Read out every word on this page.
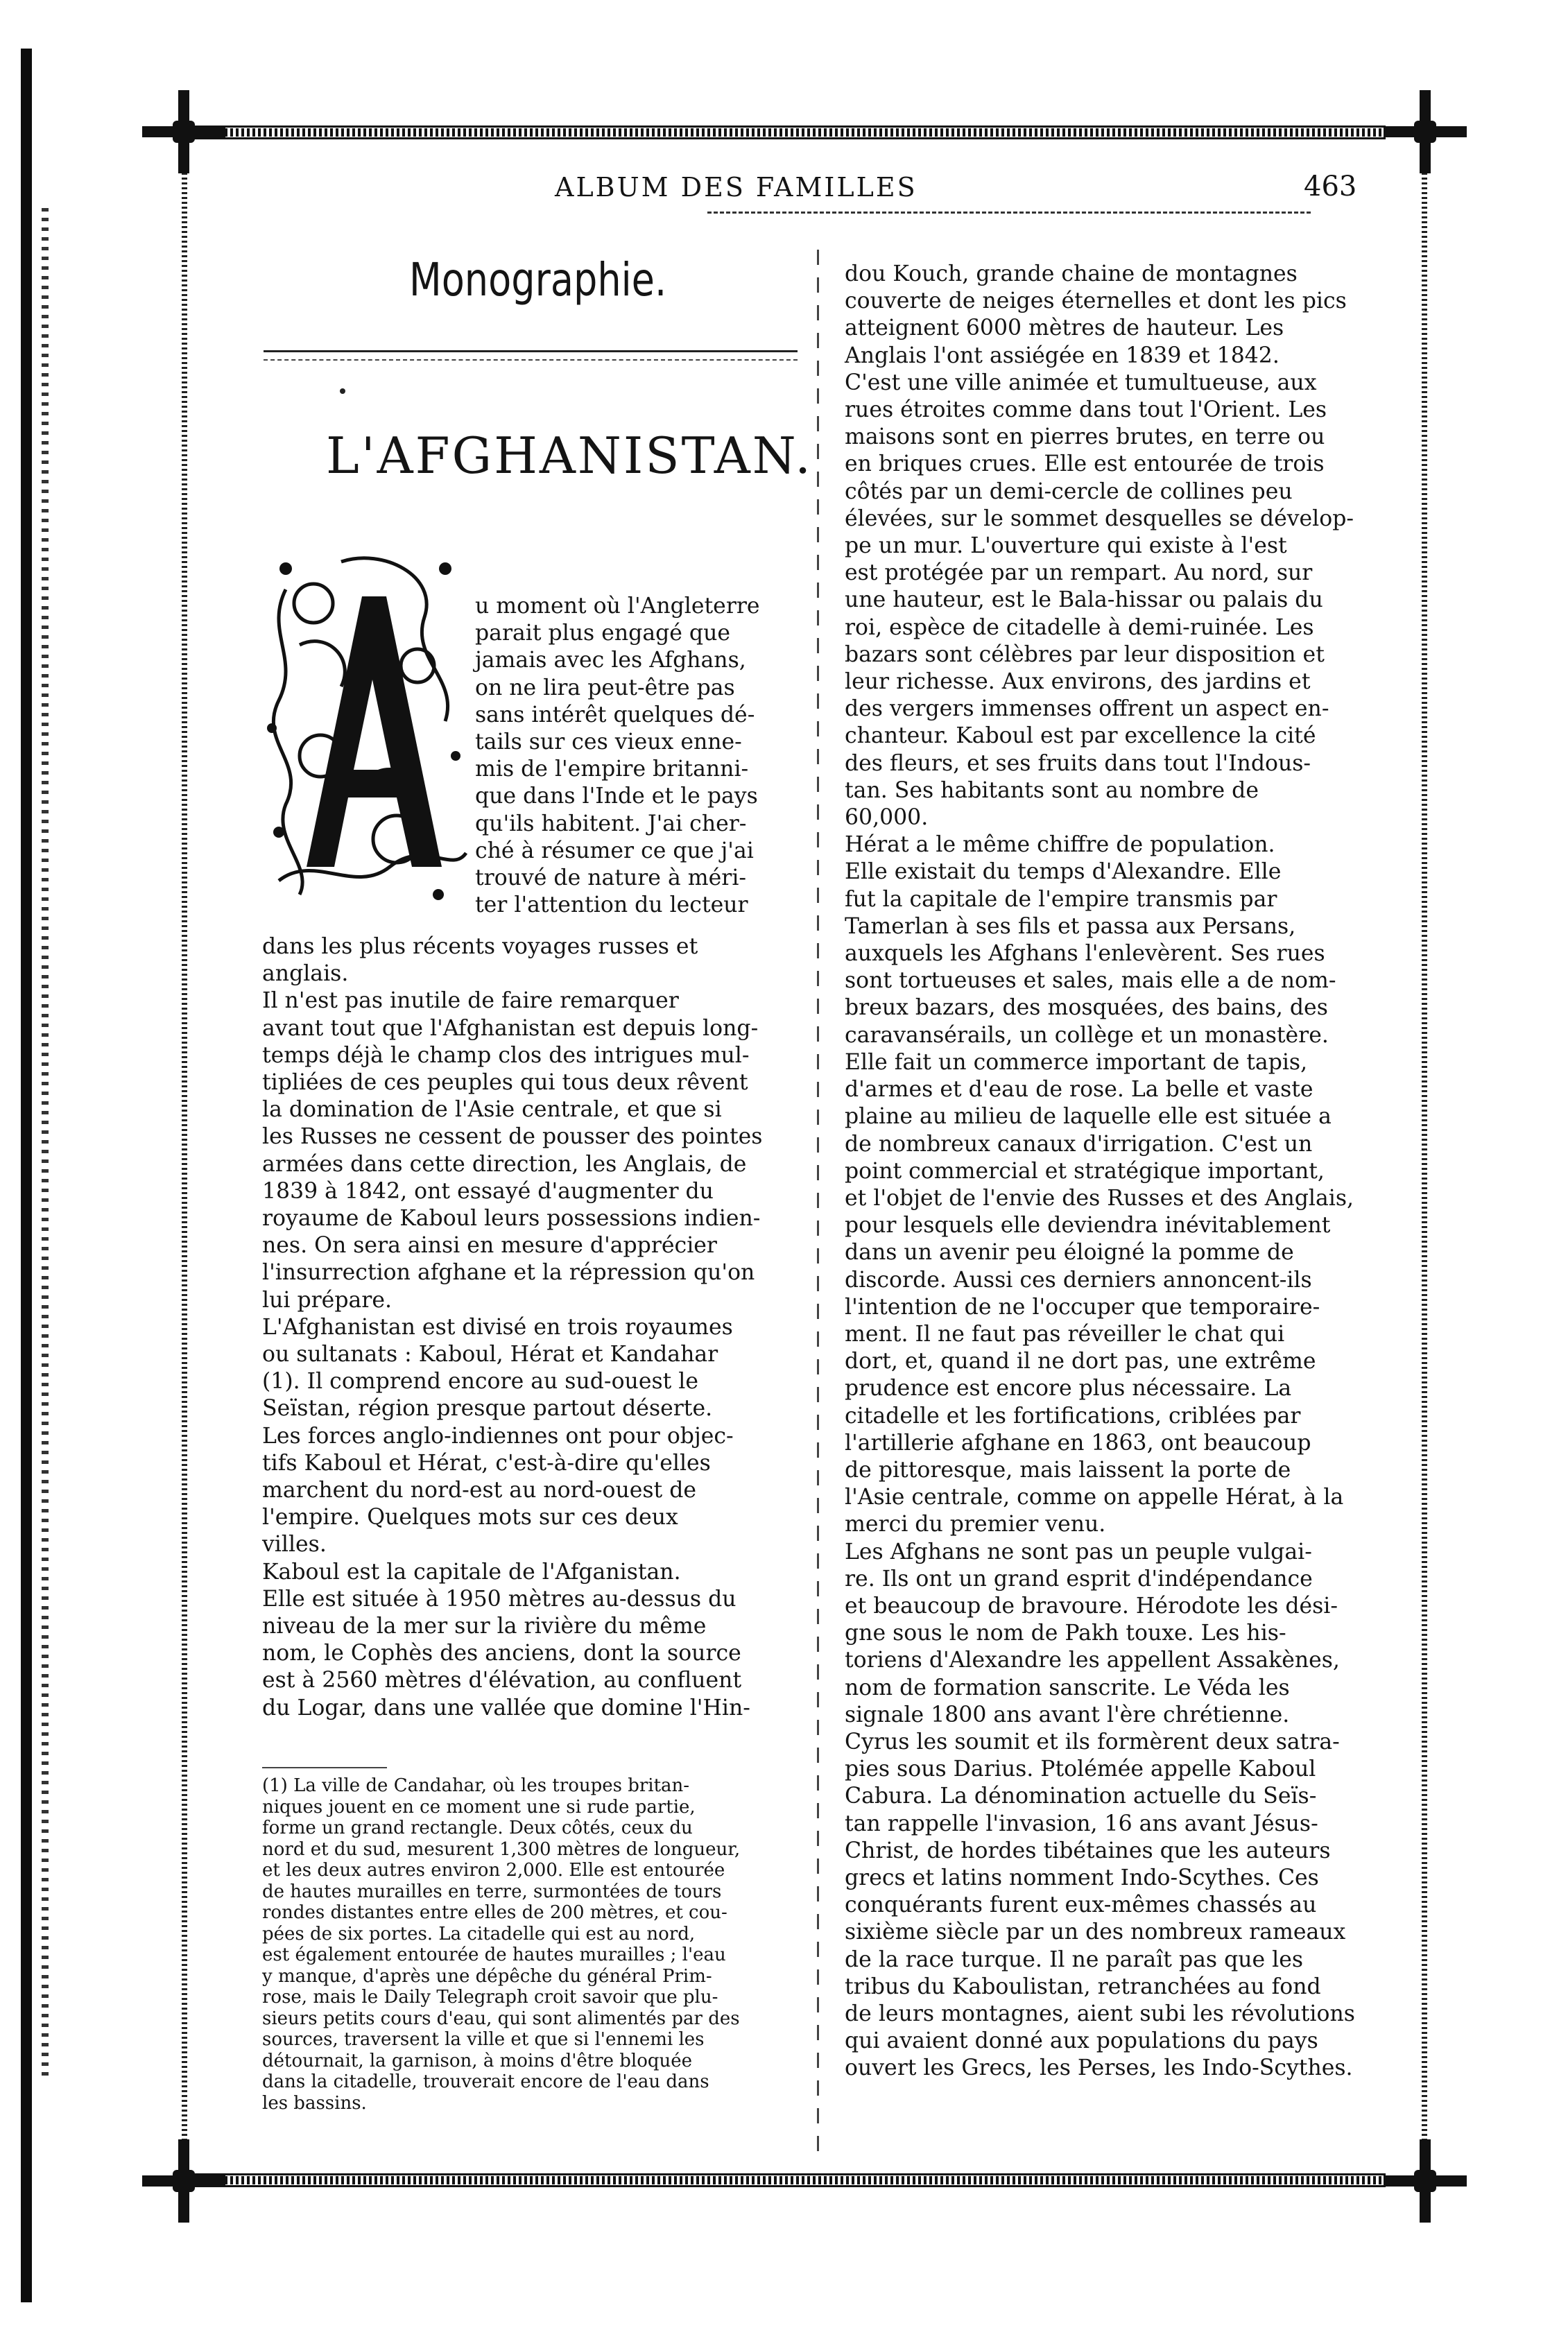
ALBUM DES FAMILLES	463
Monographie.
L'AFGHANISTAN.
u moment où l'Angleterre
parait plus engagé que
jamais avec les Afghans,
on ne lira peut-être pas
sans intérêt quelques dé-
tails sur ces vieux enne-
mis de l'empire britanni-
que dans l'Inde et le pays
qu'ils habitent. J'ai cher-
ché à résumer ce que j'ai
trouvé de nature à méri-
ter l'attention du lecteur
dans les plus récents voyages russes et
anglais.
Il n'est pas inutile de faire remarquer
avant tout que l'Afghanistan est depuis long-
temps déjà le champ clos des intrigues mul-
tipliées de ces peuples qui tous deux rêvent
la domination de l'Asie centrale, et que si
les Russes ne cessent de pousser des pointes
armées dans cette direction, les Anglais, de
1839 à 1842, ont essayé d'augmenter du
royaume de Kaboul leurs possessions indien-
nes. On sera ainsi en mesure d'apprécier
l'insurrection afghane et la répression qu'on
lui prépare.
L'Afghanistan est divisé en trois royaumes
ou sultanats : Kaboul, Hérat et Kandahar
(1). Il comprend encore au sud-ouest le
Seïstan, région presque partout déserte.
Les forces anglo-indiennes ont pour objec-
tifs Kaboul et Hérat, c'est-à-dire qu'elles
marchent du nord-est au nord-ouest de
l'empire. Quelques mots sur ces deux
villes.
Kaboul est la capitale de l'Afganistan.
Elle est située à 1950 mètres au-dessus du
niveau de la mer sur la rivière du même
nom, le Cophès des anciens, dont la source
est à 2560 mètres d'élévation, au confluent
du Logar, dans une vallée que domine l'Hin-
(1) La ville de Candahar, où les troupes britan-
niques jouent en ce moment une si rude partie,
forme un grand rectangle. Deux côtés, ceux du
nord et du sud, mesurent 1,300 mètres de longueur,
et les deux autres environ 2,000. Elle est entourée
de hautes murailles en terre, surmontées de tours
rondes distantes entre elles de 200 mètres, et cou-
pées de six portes. La citadelle qui est au nord,
est également entourée de hautes murailles ; l'eau
y manque, d'après une dépêche du général Prim-
rose, mais le Daily Telegraph croit savoir que plu-
sieurs petits cours d'eau, qui sont alimentés par des
sources, traversent la ville et que si l'ennemi les
détournait, la garnison, à moins d'être bloquée
dans la citadelle, trouverait encore de l'eau dans
les bassins.
dou Kouch, grande chaine de montagnes
couverte de neiges éternelles et dont les pics
atteignent 6000 mètres de hauteur. Les
Anglais l'ont assiégée en 1839 et 1842.
C'est une ville animée et tumultueuse, aux
rues étroites comme dans tout l'Orient. Les
maisons sont en pierres brutes, en terre ou
en briques crues. Elle est entourée de trois
côtés par un demi-cercle de collines peu
élevées, sur le sommet desquelles se dévelop-
pe un mur. L'ouverture qui existe à l'est
est protégée par un rempart. Au nord, sur
une hauteur, est le Bala-hissar ou palais du
roi, espèce de citadelle à demi-ruinée. Les
bazars sont célèbres par leur disposition et
leur richesse. Aux environs, des jardins et
des vergers immenses offrent un aspect en-
chanteur. Kaboul est par excellence la cité
des fleurs, et ses fruits dans tout l'Indous-
tan. Ses habitants sont au nombre de
60,000.
Hérat a le même chiffre de population.
Elle existait du temps d'Alexandre. Elle
fut la capitale de l'empire transmis par
Tamerlan à ses fils et passa aux Persans,
auxquels les Afghans l'enlevèrent. Ses rues
sont tortueuses et sales, mais elle a de nom-
breux bazars, des mosquées, des bains, des
caravansérails, un collège et un monastère.
Elle fait un commerce important de tapis,
d'armes et d'eau de rose. La belle et vaste
plaine au milieu de laquelle elle est située a
de nombreux canaux d'irrigation. C'est un
point commercial et stratégique important,
et l'objet de l'envie des Russes et des Anglais,
pour lesquels elle deviendra inévitablement
dans un avenir peu éloigné la pomme de
discorde. Aussi ces derniers annoncent-ils
l'intention de ne l'occuper que temporaire-
ment. Il ne faut pas réveiller le chat qui
dort, et, quand il ne dort pas, une extrême
prudence est encore plus nécessaire. La
citadelle et les fortifications, criblées par
l'artillerie afghane en 1863, ont beaucoup
de pittoresque, mais laissent la porte de
l'Asie centrale, comme on appelle Hérat, à la
merci du premier venu.
Les Afghans ne sont pas un peuple vulgai-
re. Ils ont un grand esprit d'indépendance
et beaucoup de bravoure. Hérodote les dési-
gne sous le nom de Pakh touxe. Les his-
toriens d'Alexandre les appellent Assakènes,
nom de formation sanscrite. Le Véda les
signale 1800 ans avant l'ère chrétienne.
Cyrus les soumit et ils formèrent deux satra-
pies sous Darius. Ptolémée appelle Kaboul
Cabura. La dénomination actuelle du Seïs-
tan rappelle l'invasion, 16 ans avant Jésus-
Christ, de hordes tibétaines que les auteurs
grecs et latins nomment Indo-Scythes. Ces
conquérants furent eux-mêmes chassés au
sixième siècle par un des nombreux rameaux
de la race turque. Il ne paraît pas que les
tribus du Kaboulistan, retranchées au fond
de leurs montagnes, aient subi les révolutions
qui avaient donné aux populations du pays
ouvert les Grecs, les Perses, les Indo-Scythes.
